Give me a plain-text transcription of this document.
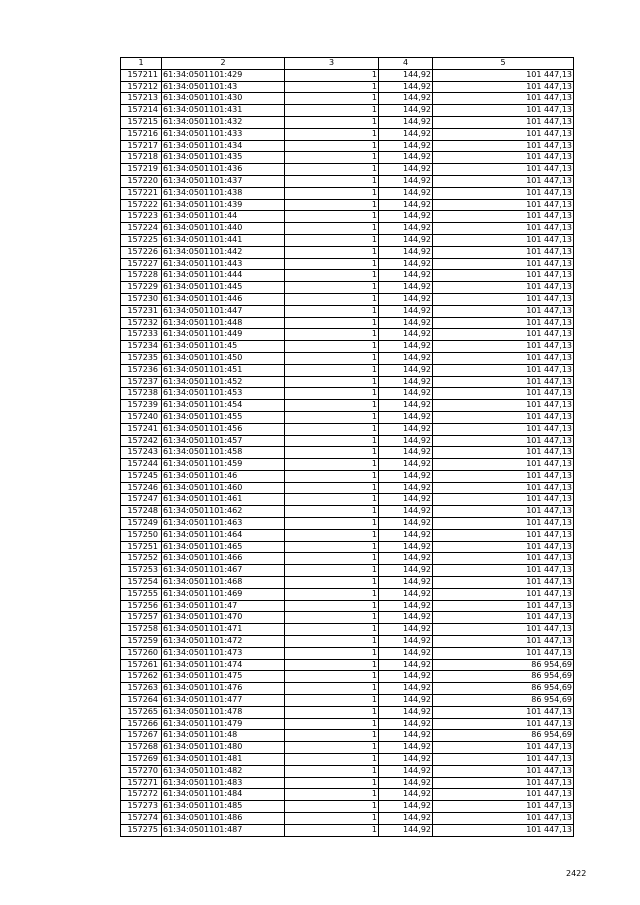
1	2	3	4	5
157211	61:34:0501101:429	1	144,92	101 447,13
157212	61:34:0501101:43	1	144,92	101 447,13
157213	61:34:0501101:430	1	144,92	101 447,13
157214	61:34:0501101:431	1	144,92	101 447,13
157215	61:34:0501101:432	1	144,92	101 447,13
157216	61:34:0501101:433	1	144,92	101 447,13
157217	61:34:0501101:434	1	144,92	101 447,13
157218	61:34:0501101:435	1	144,92	101 447,13
157219	61:34:0501101:436	1	144,92	101 447,13
157220	61:34:0501101:437	1	144,92	101 447,13
157221	61:34:0501101:438	1	144,92	101 447,13
157222	61:34:0501101:439	1	144,92	101 447,13
157223	61:34:0501101:44	1	144,92	101 447,13
157224	61:34:0501101:440	1	144,92	101 447,13
157225	61:34:0501101:441	1	144,92	101 447,13
157226	61:34:0501101:442	1	144,92	101 447,13
157227	61:34:0501101:443	1	144,92	101 447,13
157228	61:34:0501101:444	1	144,92	101 447,13
157229	61:34:0501101:445	1	144,92	101 447,13
157230	61:34:0501101:446	1	144,92	101 447,13
157231	61:34:0501101:447	1	144,92	101 447,13
157232	61:34:0501101:448	1	144,92	101 447,13
157233	61:34:0501101:449	1	144,92	101 447,13
157234	61:34:0501101:45	1	144,92	101 447,13
157235	61:34:0501101:450	1	144,92	101 447,13
157236	61:34:0501101:451	1	144,92	101 447,13
157237	61:34:0501101:452	1	144,92	101 447,13
157238	61:34:0501101:453	1	144,92	101 447,13
157239	61:34:0501101:454	1	144,92	101 447,13
157240	61:34:0501101:455	1	144,92	101 447,13
157241	61:34:0501101:456	1	144,92	101 447,13
157242	61:34:0501101:457	1	144,92	101 447,13
157243	61:34:0501101:458	1	144,92	101 447,13
157244	61:34:0501101:459	1	144,92	101 447,13
157245	61:34:0501101:46	1	144,92	101 447,13
157246	61:34:0501101:460	1	144,92	101 447,13
157247	61:34:0501101:461	1	144,92	101 447,13
157248	61:34:0501101:462	1	144,92	101 447,13
157249	61:34:0501101:463	1	144,92	101 447,13
157250	61:34:0501101:464	1	144,92	101 447,13
157251	61:34:0501101:465	1	144,92	101 447,13
157252	61:34:0501101:466	1	144,92	101 447,13
157253	61:34:0501101:467	1	144,92	101 447,13
157254	61:34:0501101:468	1	144,92	101 447,13
157255	61:34:0501101:469	1	144,92	101 447,13
157256	61:34:0501101:47	1	144,92	101 447,13
157257	61:34:0501101:470	1	144,92	101 447,13
157258	61:34:0501101:471	1	144,92	101 447,13
157259	61:34:0501101:472	1	144,92	101 447,13
157260	61:34:0501101:473	1	144,92	101 447,13
157261	61:34:0501101:474	1	144,92	86 954,69
157262	61:34:0501101:475	1	144,92	86 954,69
157263	61:34:0501101:476	1	144,92	86 954,69
157264	61:34:0501101:477	1	144,92	86 954,69
157265	61:34:0501101:478	1	144,92	101 447,13
157266	61:34:0501101:479	1	144,92	101 447,13
157267	61:34:0501101:48	1	144,92	86 954,69
157268	61:34:0501101:480	1	144,92	101 447,13
157269	61:34:0501101:481	1	144,92	101 447,13
157270	61:34:0501101:482	1	144,92	101 447,13
157271	61:34:0501101:483	1	144,92	101 447,13
157272	61:34:0501101:484	1	144,92	101 447,13
157273	61:34:0501101:485	1	144,92	101 447,13
157274	61:34:0501101:486	1	144,92	101 447,13
157275	61:34:0501101:487	1	144,92	101 447,13
2422
